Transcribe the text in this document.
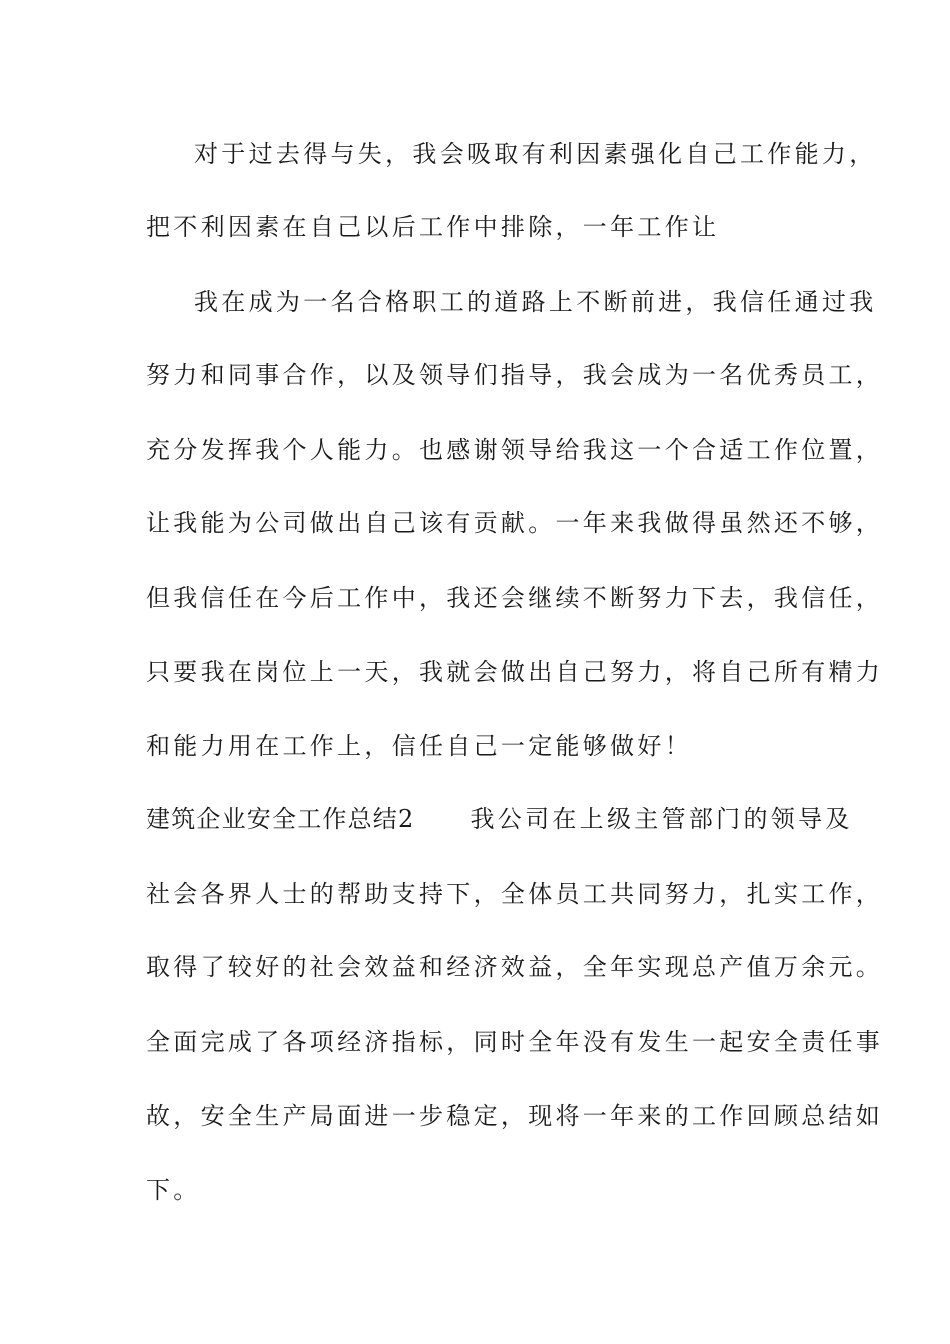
对于过去得与失，我会吸取有利因素强化自己工作能力，
把不利因素在自己以后工作中排除，一年工作让
我在成为一名合格职工的道路上不断前进，我信任通过我
努力和同事合作，以及领导们指导，我会成为一名优秀员工，
充分发挥我个人能力。也感谢领导给我这一个合适工作位置，
让我能为公司做出自己该有贡献。一年来我做得虽然还不够，
但我信任在今后工作中，我还会继续不断努力下去，我信任，
只要我在岗位上一天，我就会做出自己努力，将自己所有精力
和能力用在工作上，信任自己一定能够做好！
建筑企业安全工作总结2 我公司在上级主管部门的领导及
社会各界人士的帮助支持下，全体员工共同努力，扎实工作，
取得了较好的社会效益和经济效益，全年实现总产值万余元。
全面完成了各项经济指标，同时全年没有发生一起安全责任事
故，安全生产局面进一步稳定，现将一年来的工作回顾总结如
下。
